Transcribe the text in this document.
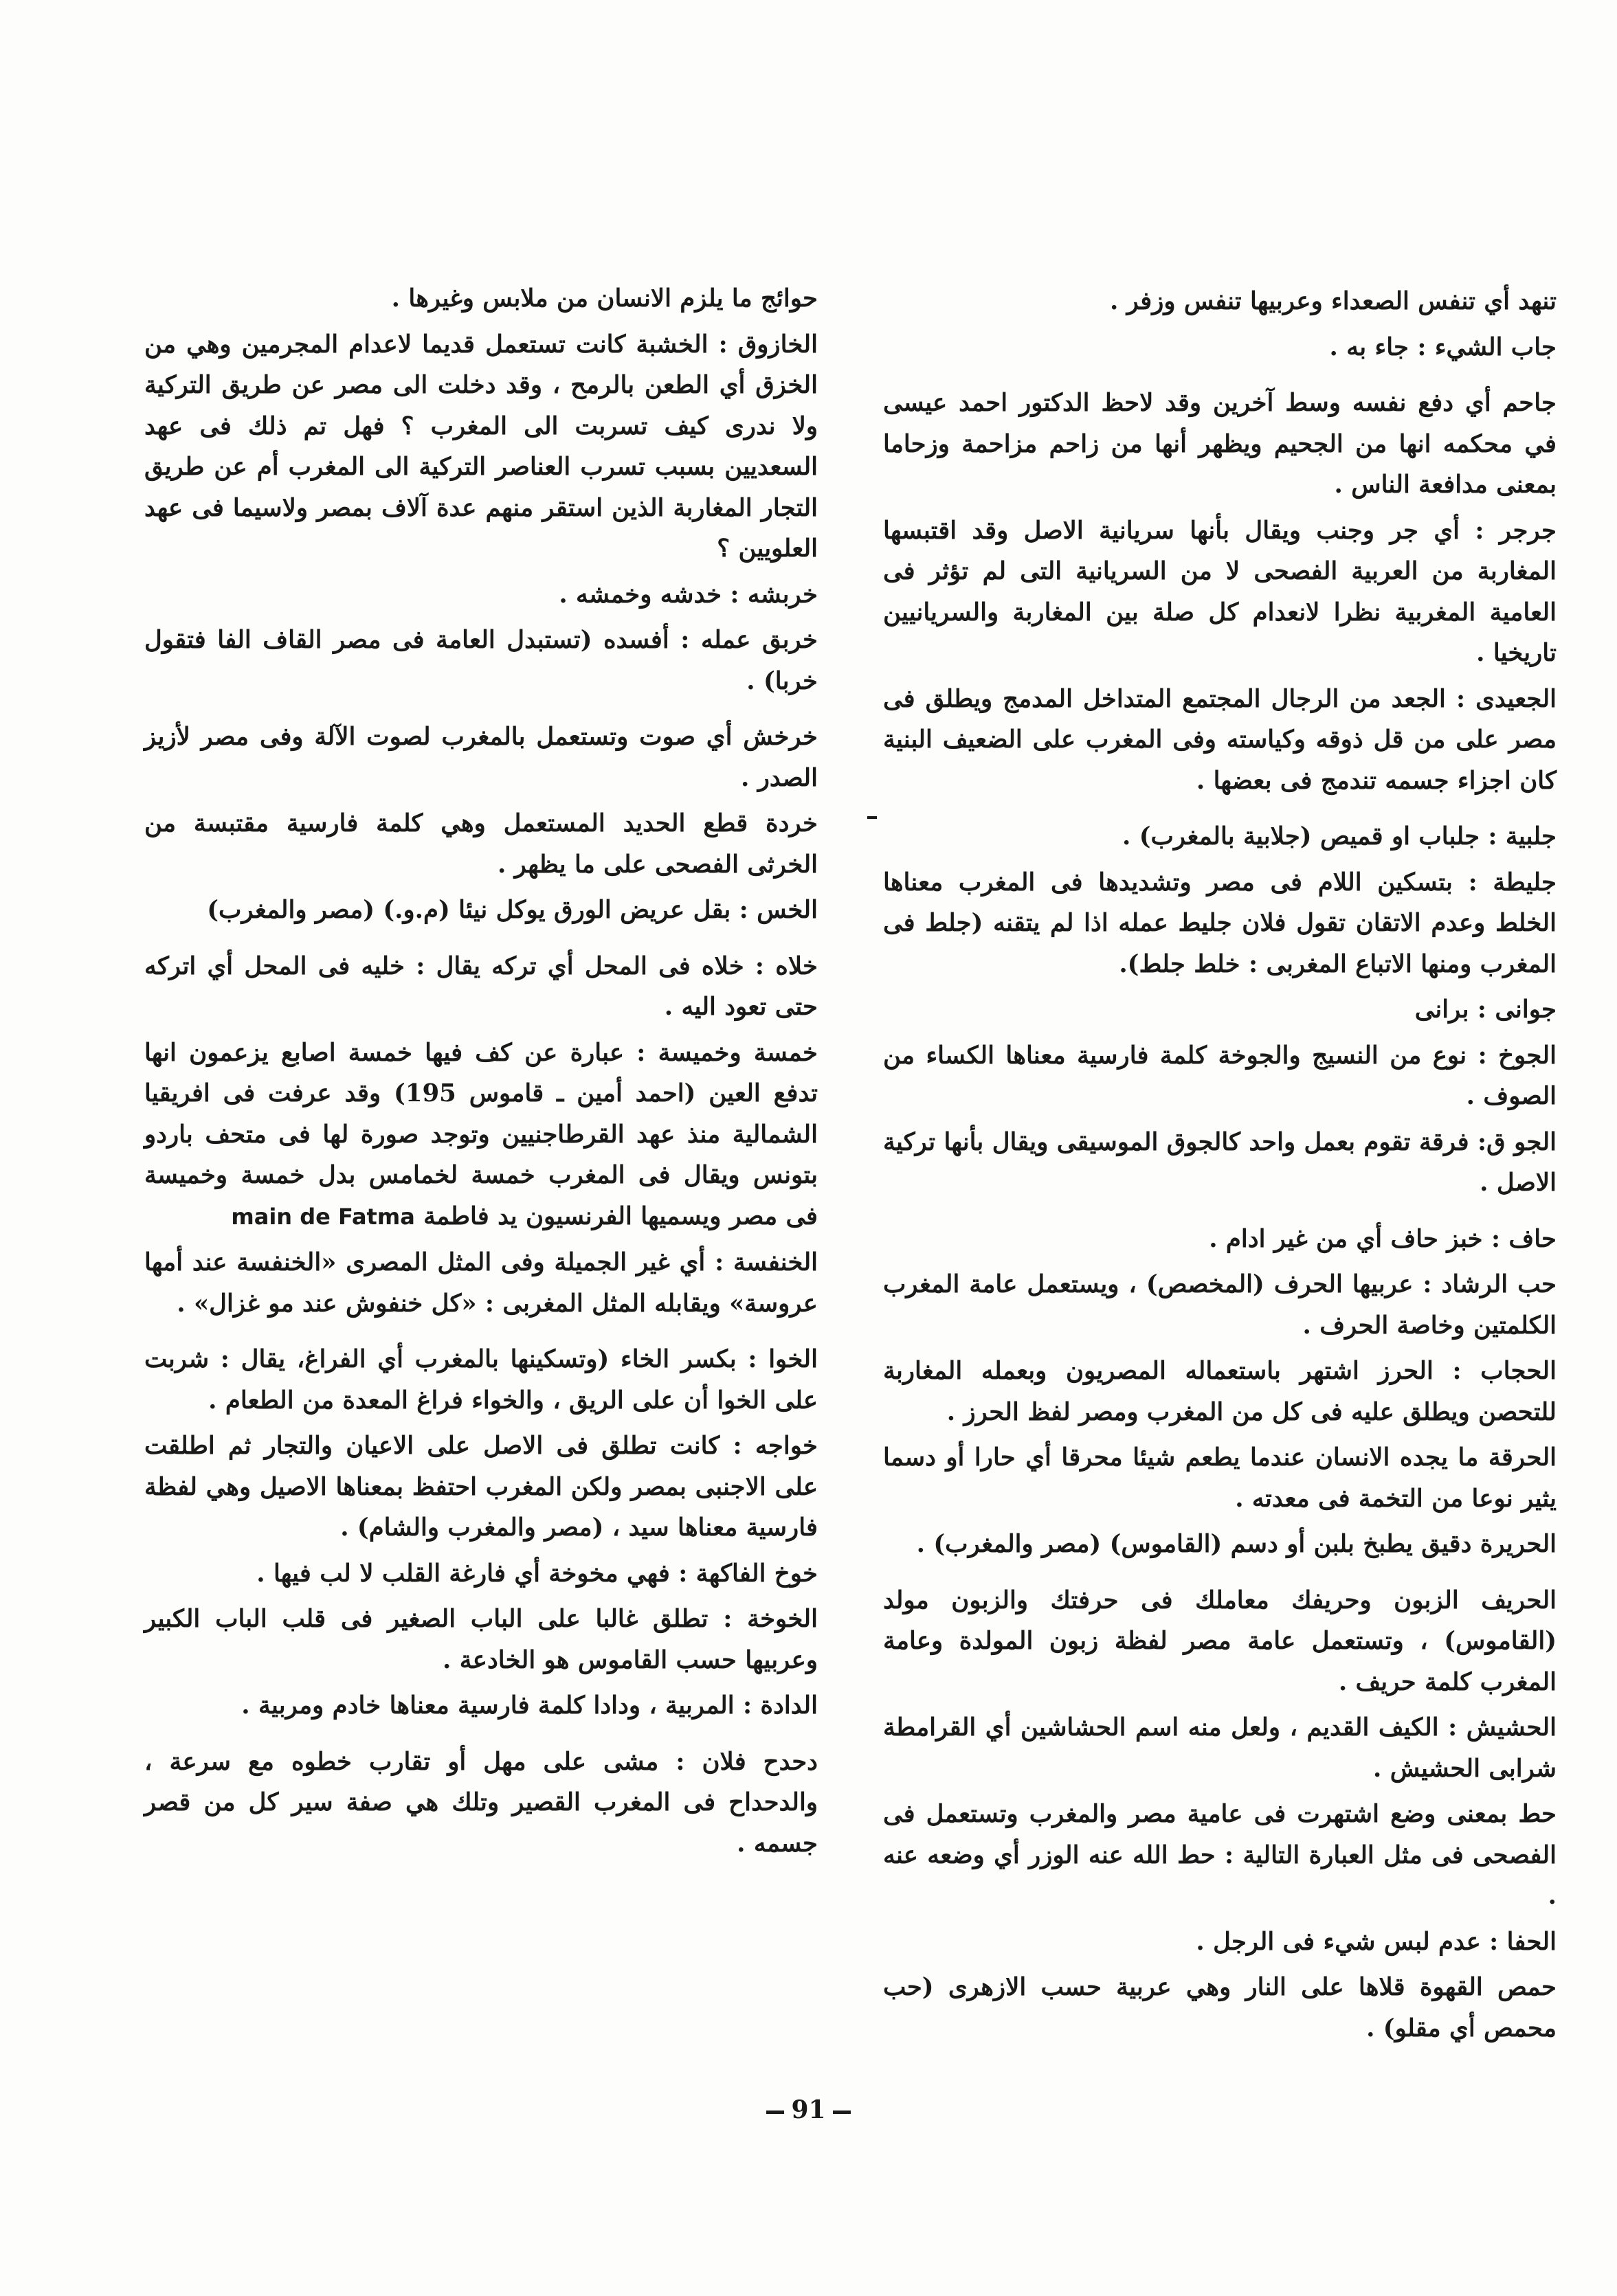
تنهد أي تنفس الصعداء وعربيها تنفس وزفر .
جاب الشيء : جاء به .
جاحم أي دفع نفسه وسط آخرين وقد لاحظ الدكتور احمد عيسى في محكمه انها من الجحيم ويظهر أنها من زاحم مزاحمة وزحاما بمعنى مدافعة الناس .
جرجر : أي جر وجنب ويقال بأنها سريانية الاصل وقد اقتبسها المغاربة من العربية الفصحى لا من السريانية التى لم تؤثر فى العامية المغربية نظرا لانعدام كل صلة بين المغاربة والسريانيين تاريخيا .
الجعيدى : الجعد من الرجال المجتمع المتداخل المدمج ويطلق فى مصر على من قل ذوقه وكياسته وفى المغرب على الضعيف البنية كان اجزاء جسمه تندمج فى بعضها .
جلبية : جلباب او قميص (جلابية بالمغرب) .
جليطة : بتسكين اللام فى مصر وتشديدها فى المغرب معناها الخلط وعدم الاتقان تقول فلان جليط عمله اذا لم يتقنه (جلط فى المغرب ومنها الاتباع المغربى : خلط جلط).
جوانى : برانى
الجوخ : نوع من النسيج والجوخة كلمة فارسية معناها الكساء من الصوف .
الجو ق: فرقة تقوم بعمل واحد كالجوق الموسيقى ويقال بأنها تركية الاصل .
حاف : خبز حاف أي من غير ادام .
حب الرشاد : عربيها الحرف (المخصص) ، ويستعمل عامة المغرب الكلمتين وخاصة الحرف .
الحجاب : الحرز اشتهر باستعماله المصريون وبعمله المغاربة للتحصن ويطلق عليه فى كل من المغرب ومصر لفظ الحرز .
الحرقة ما يجده الانسان عندما يطعم شيئا محرقا أي حارا أو دسما يثير نوعا من التخمة فى معدته .
الحريرة دقيق يطبخ بلبن أو دسم (القاموس) (مصر والمغرب) .
الحريف الزبون وحريفك معاملك فى حرفتك والزبون مولد (القاموس) ، وتستعمل عامة مصر لفظة زبون المولدة وعامة المغرب كلمة حريف .
الحشيش : الكيف القديم ، ولعل منه اسم الحشاشين أي القرامطة شرابى الحشيش .
حط بمعنى وضع اشتهرت فى عامية مصر والمغرب وتستعمل فى الفصحى فى مثل العبارة التالية : حط الله عنه الوزر أي وضعه عنه .
الحفا : عدم لبس شيء فى الرجل .
حمص القهوة قلاها على النار وهي عربية حسب الازهرى (حب محمص أي مقلو) .
حوائج ما يلزم الانسان من ملابس وغيرها .
الخازوق : الخشبة كانت تستعمل قديما لاعدام المجرمين وهي من الخزق أي الطعن بالرمح ، وقد دخلت الى مصر عن طريق التركية ولا ندرى كيف تسربت الى المغرب ؟ فهل تم ذلك فى عهد السعديين بسبب تسرب العناصر التركية الى المغرب أم عن طريق التجار المغاربة الذين استقر منهم عدة آلاف بمصر ولاسيما فى عهد العلويين ؟
خربشه : خدشه وخمشه .
خربق عمله : أفسده (تستبدل العامة فى مصر القاف الفا فتقول خربا) .
خرخش أي صوت وتستعمل بالمغرب لصوت الآلة وفى مصر لأزيز الصدر .
خردة قطع الحديد المستعمل وهي كلمة فارسية مقتبسة من الخرثى الفصحى على ما يظهر .
الخس : بقل عريض الورق يوكل نيئا (م.و.) (مصر والمغرب)
خلاه : خلاه فى المحل أي تركه يقال : خليه فى المحل أي اتركه حتى تعود اليه .
خمسة وخميسة : عبارة عن كف فيها خمسة اصابع يزعمون انها تدفع العين (احمد أمين ـ قاموس 195) وقد عرفت فى افريقيا الشمالية منذ عهد القرطاجنيين وتوجد صورة لها فى متحف باردو بتونس ويقال فى المغرب خمسة لخمامس بدل خمسة وخميسة فى مصر ويسميها الفرنسيون يد فاطمة main de Fatma
الخنفسة : أي غير الجميلة وفى المثل المصرى «الخنفسة عند أمها عروسة» ويقابله المثل المغربى : «كل خنفوش عند مو غزال» .
الخوا : بكسر الخاء (وتسكينها بالمغرب أي الفراغ، يقال : شربت على الخوا أن على الريق ، والخواء فراغ المعدة من الطعام .
خواجه : كانت تطلق فى الاصل على الاعيان والتجار ثم اطلقت على الاجنبى بمصر ولكن المغرب احتفظ بمعناها الاصيل وهي لفظة فارسية معناها سيد ، (مصر والمغرب والشام) .
خوخ الفاكهة : فهي مخوخة أي فارغة القلب لا لب فيها .
الخوخة : تطلق غالبا على الباب الصغير فى قلب الباب الكبير وعربيها حسب القاموس هو الخادعة .
الدادة : المربية ، ودادا كلمة فارسية معناها خادم ومربية .
دحدح فلان : مشى على مهل أو تقارب خطوه مع سرعة ، والدحداح فى المغرب القصير وتلك هي صفة سير كل من قصر جسمه .
91
